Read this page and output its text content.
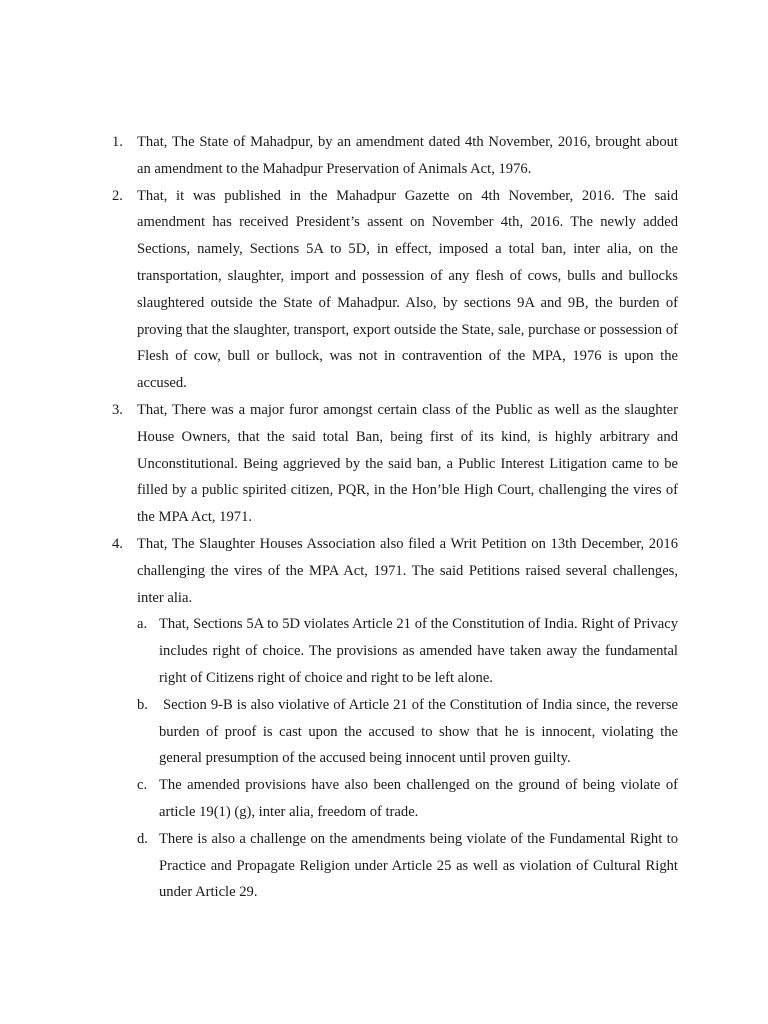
1. That, The State of Mahadpur, by an amendment dated 4th November, 2016, brought about an amendment to the Mahadpur Preservation of Animals Act, 1976.
2. That, it was published in the Mahadpur Gazette on 4th November, 2016. The said amendment has received President’s assent on November 4th, 2016. The newly added Sections, namely, Sections 5A to 5D, in effect, imposed a total ban, inter alia, on the transportation, slaughter, import and possession of any flesh of cows, bulls and bullocks slaughtered outside the State of Mahadpur. Also, by sections 9A and 9B, the burden of proving that the slaughter, transport, export outside the State, sale, purchase or possession of Flesh of cow, bull or bullock, was not in contravention of the MPA, 1976 is upon the accused.
3. That, There was a major furor amongst certain class of the Public as well as the slaughter House Owners, that the said total Ban, being first of its kind, is highly arbitrary and Unconstitutional. Being aggrieved by the said ban, a Public Interest Litigation came to be filled by a public spirited citizen, PQR, in the Hon’ble High Court, challenging the vires of the MPA Act, 1971.
4. That, The Slaughter Houses Association also filed a Writ Petition on 13th December, 2016 challenging the vires of the MPA Act, 1971. The said Petitions raised several challenges, inter alia.
a. That, Sections 5A to 5D violates Article 21 of the Constitution of India. Right of Privacy includes right of choice. The provisions as amended have taken away the fundamental right of Citizens right of choice and right to be left alone.
b. Section 9-B is also violative of Article 21 of the Constitution of India since, the reverse burden of proof is cast upon the accused to show that he is innocent, violating the general presumption of the accused being innocent until proven guilty.
c. The amended provisions have also been challenged on the ground of being violate of article 19(1) (g), inter alia, freedom of trade.
d. There is also a challenge on the amendments being violate of the Fundamental Right to Practice and Propagate Religion under Article 25 as well as violation of Cultural Right under Article 29.
